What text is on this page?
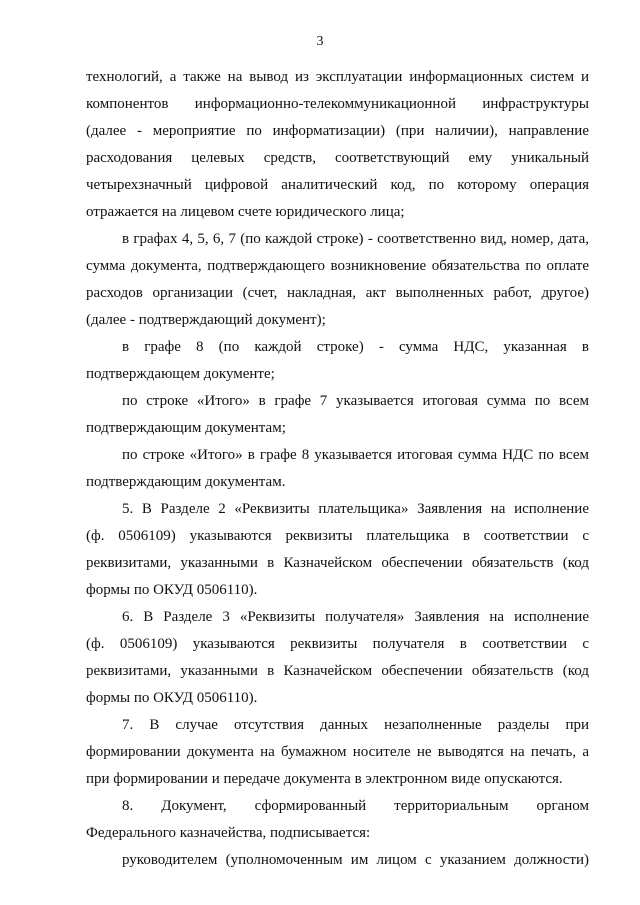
3
технологий, а также на вывод из эксплуатации информационных систем и
компонентов информационно-телекоммуникационной инфраструктуры
(далее - мероприятие по информатизации) (при наличии), направление
расходования целевых средств, соответствующий ему уникальный
четырехзначный цифровой аналитический код, по которому операция
отражается на лицевом счете юридического лица;
в графах 4, 5, 6, 7 (по каждой строке) - соответственно вид, номер, дата,
сумма документа, подтверждающего возникновение обязательства по оплате
расходов организации (счет, накладная, акт выполненных работ, другое)
(далее - подтверждающий документ);
в графе 8 (по каждой строке) - сумма НДС, указанная в
подтверждающем документе;
по строке «Итого» в графе 7 указывается итоговая сумма по всем
подтверждающим документам;
по строке «Итого» в графе 8 указывается итоговая сумма НДС по всем
подтверждающим документам.
5. В Разделе 2 «Реквизиты плательщика» Заявления на исполнение
(ф. 0506109) указываются реквизиты плательщика в соответствии с
реквизитами, указанными в Казначейском обеспечении обязательств (код
формы по ОКУД 0506110).
6. В Разделе 3 «Реквизиты получателя» Заявления на исполнение
(ф. 0506109) указываются реквизиты получателя в соответствии с
реквизитами, указанными в Казначейском обеспечении обязательств (код
формы по ОКУД 0506110).
7. В случае отсутствия данных незаполненные разделы при
формировании документа на бумажном носителе не выводятся на печать, а
при формировании и передаче документа в электронном виде опускаются.
8. Документ, сформированный территориальным органом
Федерального казначейства, подписывается:
руководителем (уполномоченным им лицом с указанием должности)
